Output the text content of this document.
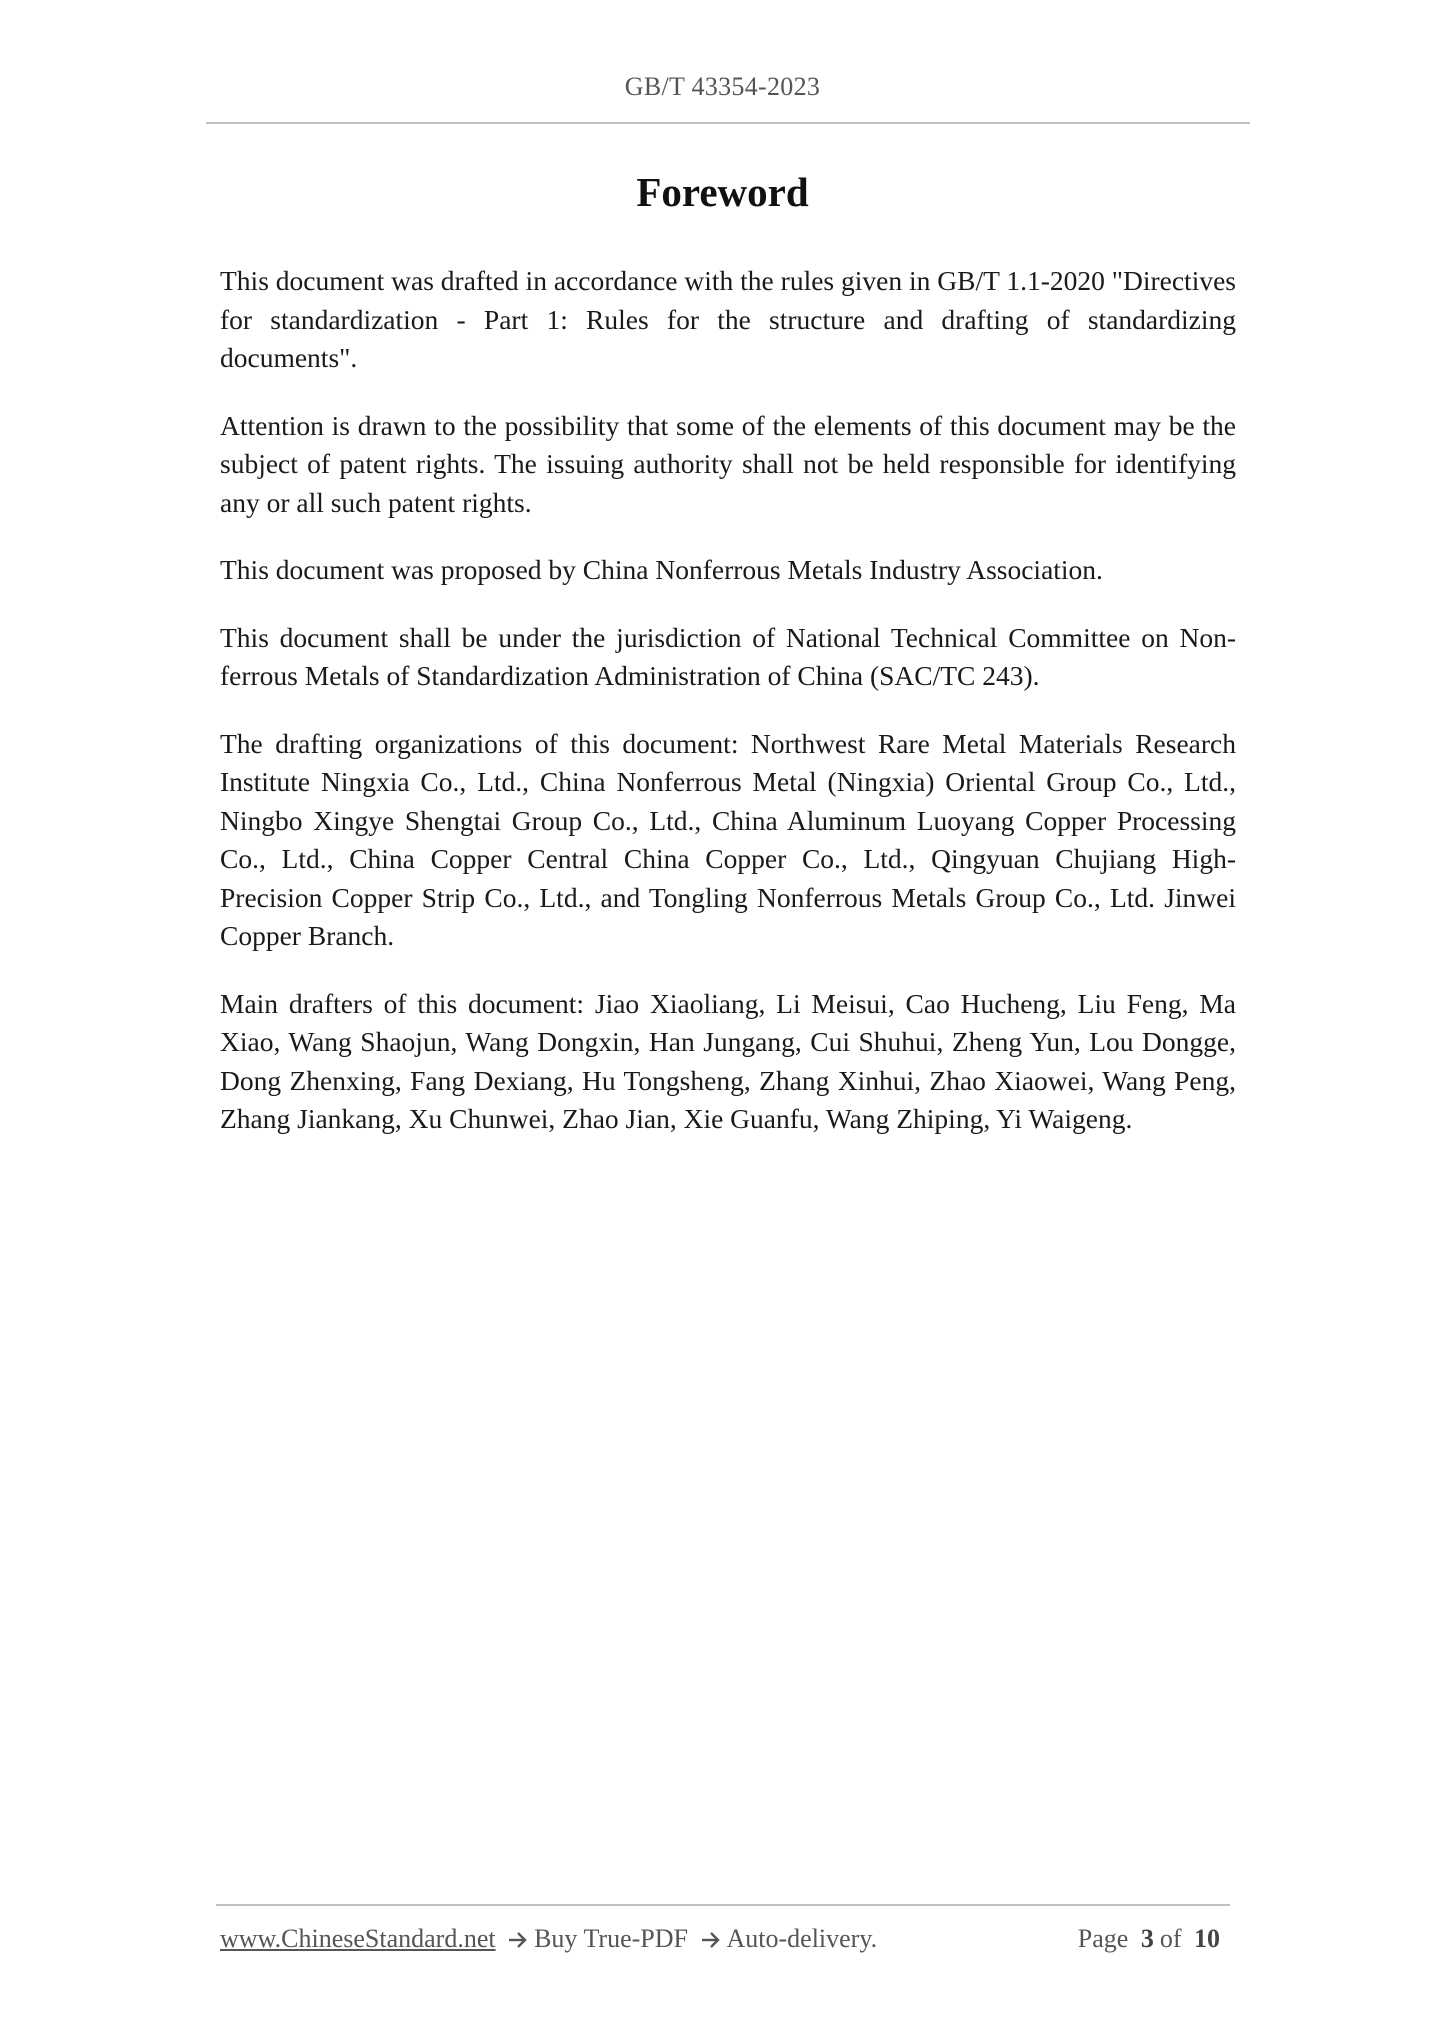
GB/T 43354-2023
Foreword

This document was drafted in accordance with the rules given in GB/T 1.1-2020 "Directives for standardization - Part 1: Rules for the structure and drafting of standardizing documents".

Attention is drawn to the possibility that some of the elements of this document may be the subject of patent rights. The issuing authority shall not be held responsible for identifying any or all such patent rights.

This document was proposed by China Nonferrous Metals Industry Association.

This document shall be under the jurisdiction of National Technical Committee on Non-ferrous Metals of Standardization Administration of China (SAC/TC 243).

The drafting organizations of this document: Northwest Rare Metal Materials Research Institute Ningxia Co., Ltd., China Nonferrous Metal (Ningxia) Oriental Group Co., Ltd., Ningbo Xingye Shengtai Group Co., Ltd., China Aluminum Luoyang Copper Processing Co., Ltd., China Copper Central China Copper Co., Ltd., Qingyuan Chujiang High-Precision Copper Strip Co., Ltd., and Tongling Nonferrous Metals Group Co., Ltd. Jinwei Copper Branch.

Main drafters of this document: Jiao Xiaoliang, Li Meisui, Cao Hucheng, Liu Feng, Ma Xiao, Wang Shaojun, Wang Dongxin, Han Jungang, Cui Shuhui, Zheng Yun, Lou Dongge, Dong Zhenxing, Fang Dexiang, Hu Tongsheng, Zhang Xinhui, Zhao Xiaowei, Wang Peng, Zhang Jiankang, Xu Chunwei, Zhao Jian, Xie Guanfu, Wang Zhiping, Yi Waigeng.

www.ChineseStandard.net Buy True-PDF Auto-delivery.	Page 3 of 10
